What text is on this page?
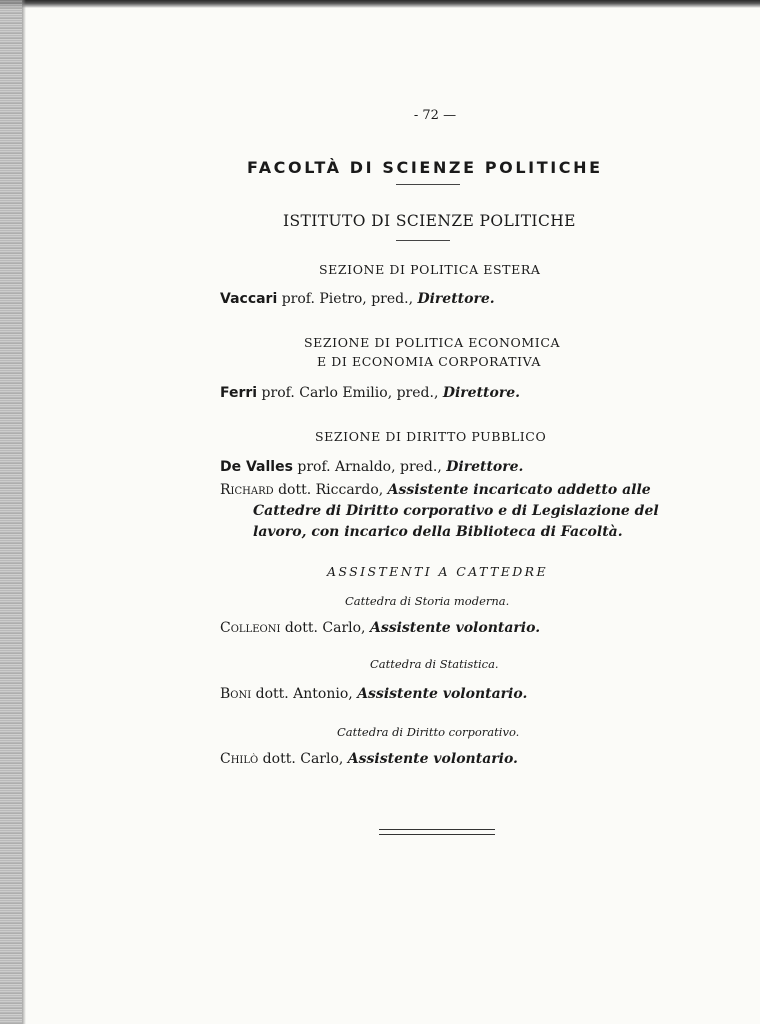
- 72 —
FACOLTÀ DI SCIENZE POLITICHE
ISTITUTO DI SCIENZE POLITICHE
SEZIONE DI POLITICA ESTERA
Vaccari prof. Pietro, pred., Direttore.
SEZIONE DI POLITICA ECONOMICA
E DI ECONOMIA CORPORATIVA
Ferri prof. Carlo Emilio, pred., Direttore.
SEZIONE DI DIRITTO PUBBLICO
De Valles prof. Arnaldo, pred., Direttore.
Richard dott. Riccardo, Assistente incaricato addetto alle
Cattedre di Diritto corporativo e di Legislazione del
lavoro, con incarico della Biblioteca di Facoltà.
ASSISTENTI A CATTEDRE
Cattedra di Storia moderna.
Colleoni dott. Carlo, Assistente volontario.
Cattedra di Statistica.
Boni dott. Antonio, Assistente volontario.
Cattedra di Diritto corporativo.
Chilò dott. Carlo, Assistente volontario.
